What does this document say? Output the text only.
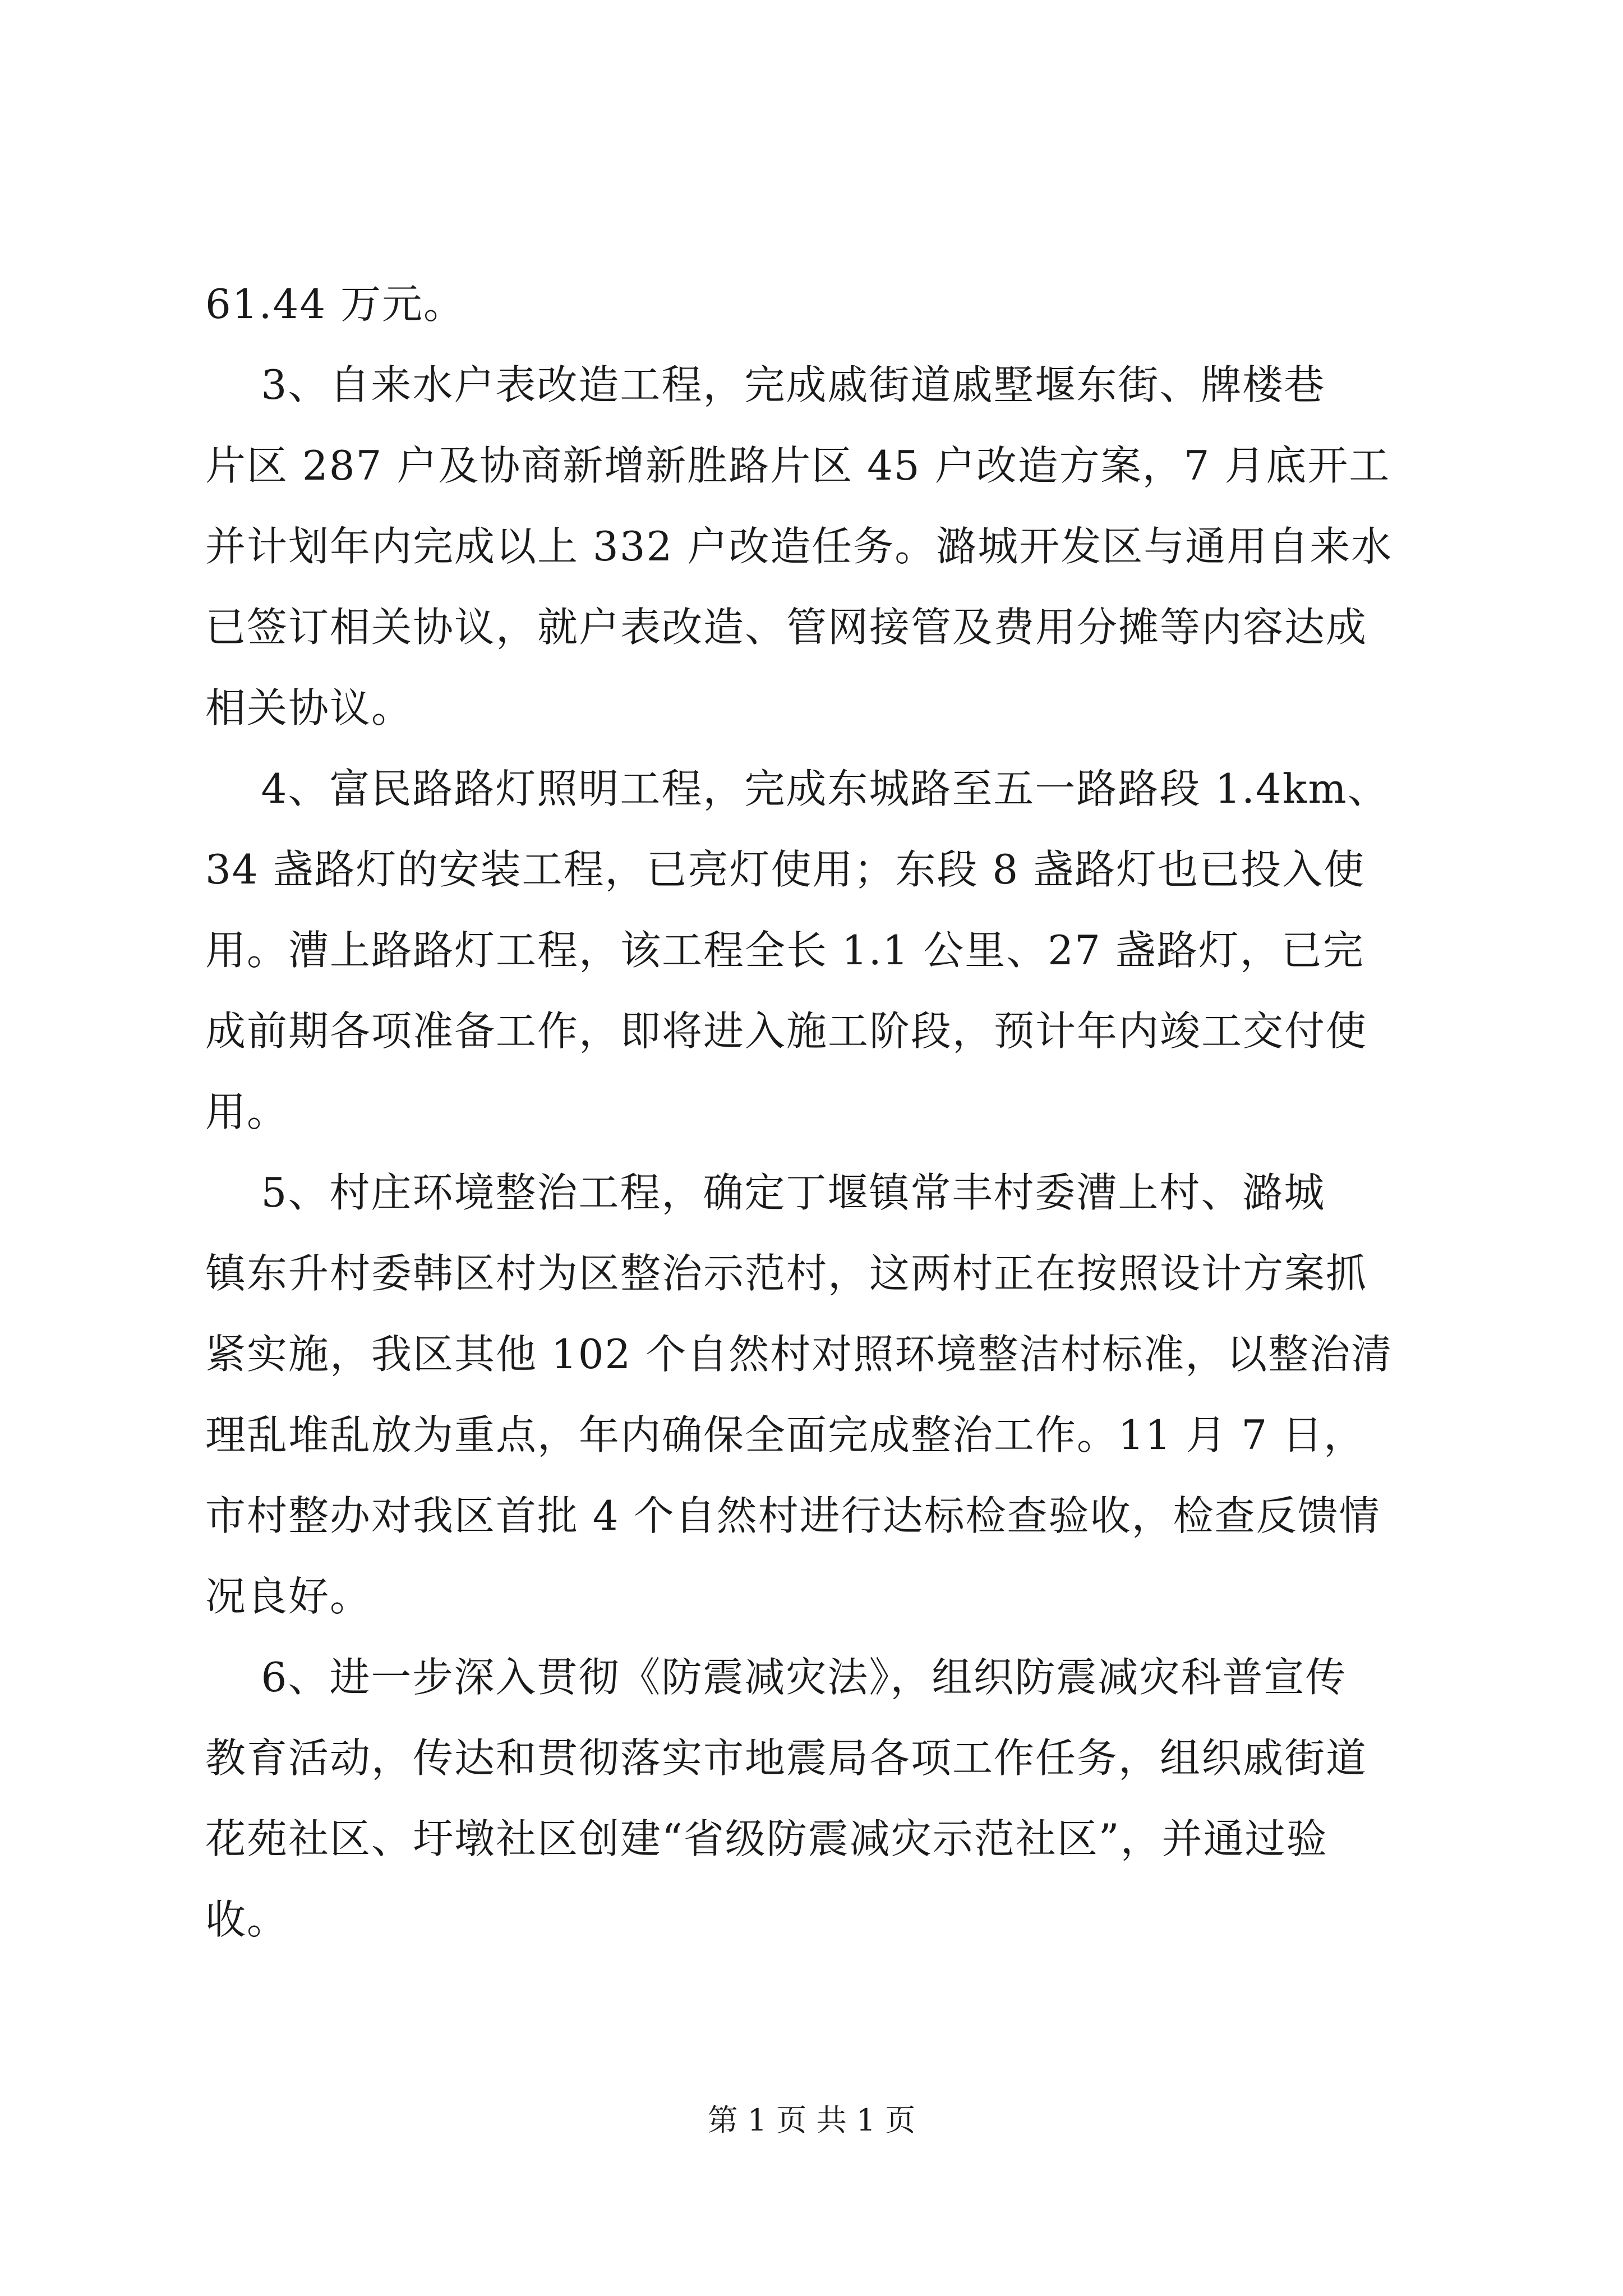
61.44 万元。
3、自来水户表改造工程，完成戚街道戚墅堰东街、牌楼巷
片区 287 户及协商新增新胜路片区 45 户改造方案，7 月底开工
并计划年内完成以上 332 户改造任务。潞城开发区与通用自来水
已签订相关协议，就户表改造、管网接管及费用分摊等内容达成
相关协议。
4、富民路路灯照明工程，完成东城路至五一路路段 1.4km、
34 盏路灯的安装工程，已亮灯使用；东段 8 盏路灯也已投入使
用。漕上路路灯工程，该工程全长 1.1 公里、27 盏路灯，已完
成前期各项准备工作，即将进入施工阶段，预计年内竣工交付使
用。
5、村庄环境整治工程，确定丁堰镇常丰村委漕上村、潞城
镇东升村委韩区村为区整治示范村，这两村正在按照设计方案抓
紧实施，我区其他 102 个自然村对照环境整洁村标准，以整治清
理乱堆乱放为重点，年内确保全面完成整治工作。11 月 7 日，
市村整办对我区首批 4 个自然村进行达标检查验收，检查反馈情
况良好。
6、进一步深入贯彻《防震减灾法》，组织防震减灾科普宣传
教育活动，传达和贯彻落实市地震局各项工作任务，组织戚街道
花苑社区、圩墩社区创建“省级防震减灾示范社区”，并通过验
收。
第 1 页 共 1 页
